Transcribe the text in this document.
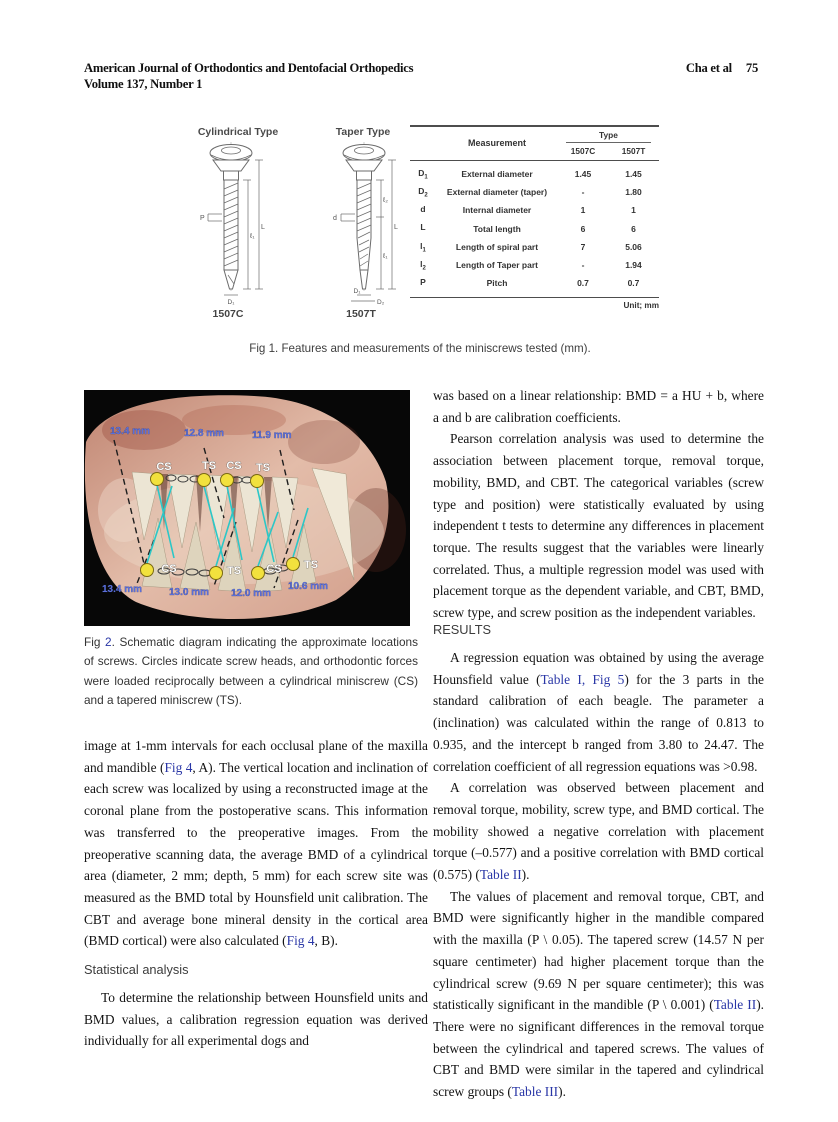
American Journal of Orthodontics and Dentofacial Orthopedics
Volume 137, Number 1
Cha et al 75
Cylindrical Type	Taper Type
P
ℓ₁
L
D₁
d
ℓ₂
ℓ₁
L
D₁
D₂
1507C	1507T
Measurement
Type
1507C	1507T
$D_1$	External diameter	1.45	1.45
$D_2$	External diameter (taper)	-	1.80
d	Internal diameter	1	1
L	Total length	6	6
$l_1$	Length of spiral part	7	5.06
$l_2$	Length of Taper part	-	1.94
P	Pitch	0.7	0.7
Unit; mm
Fig 1. Features and measurements of the miniscrews tested (mm).
CS	TS CS TS
CS	TS CS TS
13.4 mm	12.8 mm	11.9 mm
13.4 mm	13.0 mm 12.0 mm
10.6 mm
Fig 2. Schematic diagram indicating the approximate locations of screws. Circles indicate screw heads, and orthodontic forces were loaded reciprocally between a cylindrical miniscrew (CS) and a tapered miniscrew (TS).

image at 1-mm intervals for each occlusal plane of the maxilla and mandible (Fig 4, A). The vertical location and inclination of each screw was localized by using a reconstructed image at the coronal plane from the postoperative scans. This information was transferred to the preoperative images. From the preoperative scanning data, the average BMD of a cylindrical area (diameter, 2 mm; depth, 5 mm) for each screw site was measured as the BMD total by Hounsfield unit calibration. The CBT and average bone mineral density in the cortical area (BMD cortical) were also calculated (Fig 4, B).

Statistical analysis

To determine the relationship between Hounsfield units and BMD values, a calibration regression equation was derived individually for all experimental dogs and

was based on a linear relationship: BMD = a HU + b, where a and b are calibration coefficients.

Pearson correlation analysis was used to determine the association between placement torque, removal torque, mobility, BMD, and CBT. The categorical variables (screw type and position) were statistically evaluated by using independent t tests to determine any differences in placement torque. The results suggest that the variables were linearly correlated. Thus, a multiple regression model was used with placement torque as the dependent variable, and CBT, BMD, screw type, and screw position as the independent variables.

RESULTS

A regression equation was obtained by using the average Hounsfield value (Table I, Fig 5) for the 3 parts in the standard calibration of each beagle. The parameter a (inclination) was calculated within the range of 0.813 to 0.935, and the intercept b ranged from 3.80 to 24.47. The correlation coefficient of all regression equations was >0.98.

A correlation was observed between placement and removal torque, mobility, screw type, and BMD cortical. The mobility showed a negative correlation with placement torque (–0.577) and a positive correlation with BMD cortical (0.575) (Table II).

The values of placement and removal torque, CBT, and BMD were significantly higher in the mandible compared with the maxilla (P \ 0.05). The tapered screw (14.57 N per square centimeter) had higher placement torque than the cylindrical screw (9.69 N per square centimeter); this was statistically significant in the mandible (P \ 0.001) (Table II). There were no significant differences in the removal torque between the cylindrical and tapered screws. The values of CBT and BMD were similar in the tapered and cylindrical screw groups (Table III).
